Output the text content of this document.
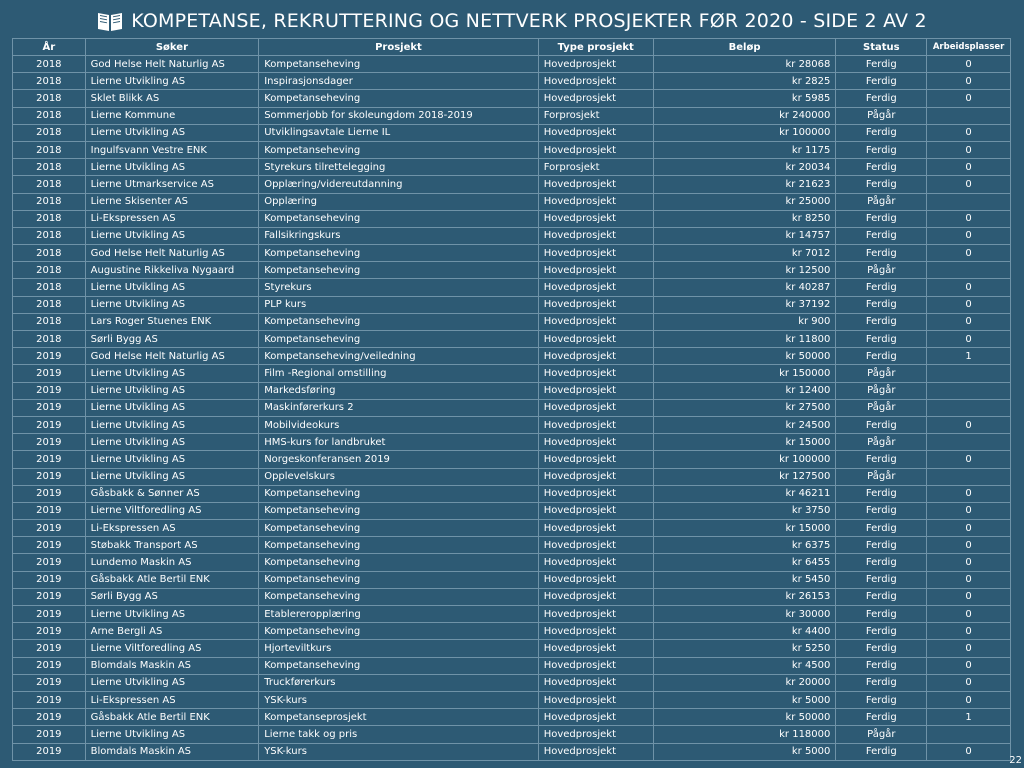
KOMPETANSE, REKRUTTERING OG NETTVERK PROSJEKTER FØR 2020 - SIDE 2 AV 2
År	Søker	Prosjekt	Type prosjekt	Beløp	Status	Arbeidsplasser
2018	God Helse Helt Naturlig AS	Kompetanseheving	Hovedprosjekt	kr 28068	Ferdig	0
2018	Lierne Utvikling AS	Inspirasjonsdager	Hovedprosjekt	kr 2825	Ferdig	0
2018	Sklet Blikk AS	Kompetanseheving	Hovedprosjekt	kr 5985	Ferdig	0
2018	Lierne Kommune	Sommerjobb for skoleungdom 2018-2019	Forprosjekt	kr 240000	Pågår	
2018	Lierne Utvikling AS	Utviklingsavtale Lierne IL	Hovedprosjekt	kr 100000	Ferdig	0
2018	Ingulfsvann Vestre ENK	Kompetanseheving	Hovedprosjekt	kr 1175	Ferdig	0
2018	Lierne Utvikling AS	Styrekurs tilrettelegging	Forprosjekt	kr 20034	Ferdig	0
2018	Lierne Utmarkservice AS	Opplæring/videreutdanning	Hovedprosjekt	kr 21623	Ferdig	0
2018	Lierne Skisenter AS	Opplæring	Hovedprosjekt	kr 25000	Pågår	
2018	Li-Ekspressen AS	Kompetanseheving	Hovedprosjekt	kr 8250	Ferdig	0
2018	Lierne Utvikling AS	Fallsikringskurs	Hovedprosjekt	kr 14757	Ferdig	0
2018	God Helse Helt Naturlig AS	Kompetanseheving	Hovedprosjekt	kr 7012	Ferdig	0
2018	Augustine Rikkeliva Nygaard	Kompetanseheving	Hovedprosjekt	kr 12500	Pågår	
2018	Lierne Utvikling AS	Styrekurs	Hovedprosjekt	kr 40287	Ferdig	0
2018	Lierne Utvikling AS	PLP kurs	Hovedprosjekt	kr 37192	Ferdig	0
2018	Lars Roger Stuenes ENK	Kompetanseheving	Hovedprosjekt	kr 900	Ferdig	0
2018	Sørli Bygg AS	Kompetanseheving	Hovedprosjekt	kr 11800	Ferdig	0
2019	God Helse Helt Naturlig AS	Kompetanseheving/veiledning	Hovedprosjekt	kr 50000	Ferdig	1
2019	Lierne Utvikling AS	Film -Regional omstilling	Hovedprosjekt	kr 150000	Pågår	
2019	Lierne Utvikling AS	Markedsføring	Hovedprosjekt	kr 12400	Pågår	
2019	Lierne Utvikling AS	Maskinførerkurs 2	Hovedprosjekt	kr 27500	Pågår	
2019	Lierne Utvikling AS	Mobilvideokurs	Hovedprosjekt	kr 24500	Ferdig	0
2019	Lierne Utvikling AS	HMS-kurs for landbruket	Hovedprosjekt	kr 15000	Pågår	
2019	Lierne Utvikling AS	Norgeskonferansen 2019	Hovedprosjekt	kr 100000	Ferdig	0
2019	Lierne Utvikling AS	Opplevelskurs	Hovedprosjekt	kr 127500	Pågår	
2019	Gåsbakk & Sønner AS	Kompetanseheving	Hovedprosjekt	kr 46211	Ferdig	0
2019	Lierne Viltforedling AS	Kompetanseheving	Hovedprosjekt	kr 3750	Ferdig	0
2019	Li-Ekspressen AS	Kompetanseheving	Hovedprosjekt	kr 15000	Ferdig	0
2019	Støbakk Transport AS	Kompetanseheving	Hovedprosjekt	kr 6375	Ferdig	0
2019	Lundemo Maskin AS	Kompetanseheving	Hovedprosjekt	kr 6455	Ferdig	0
2019	Gåsbakk Atle Bertil ENK	Kompetanseheving	Hovedprosjekt	kr 5450	Ferdig	0
2019	Sørli Bygg AS	Kompetanseheving	Hovedprosjekt	kr 26153	Ferdig	0
2019	Lierne Utvikling AS	Etablereropplæring	Hovedprosjekt	kr 30000	Ferdig	0
2019	Arne Bergli AS	Kompetanseheving	Hovedprosjekt	kr 4400	Ferdig	0
2019	Lierne Viltforedling AS	Hjorteviltkurs	Hovedprosjekt	kr 5250	Ferdig	0
2019	Blomdals Maskin AS	Kompetanseheving	Hovedprosjekt	kr 4500	Ferdig	0
2019	Lierne Utvikling AS	Truckførerkurs	Hovedprosjekt	kr 20000	Ferdig	0
2019	Li-Ekspressen AS	YSK-kurs	Hovedprosjekt	kr 5000	Ferdig	0
2019	Gåsbakk Atle Bertil ENK	Kompetanseprosjekt	Hovedprosjekt	kr 50000	Ferdig	1
2019	Lierne Utvikling AS	Lierne takk og pris	Hovedprosjekt	kr 118000	Pågår	
2019	Blomdals Maskin AS	YSK-kurs	Hovedprosjekt	kr 5000	Ferdig	0
22
